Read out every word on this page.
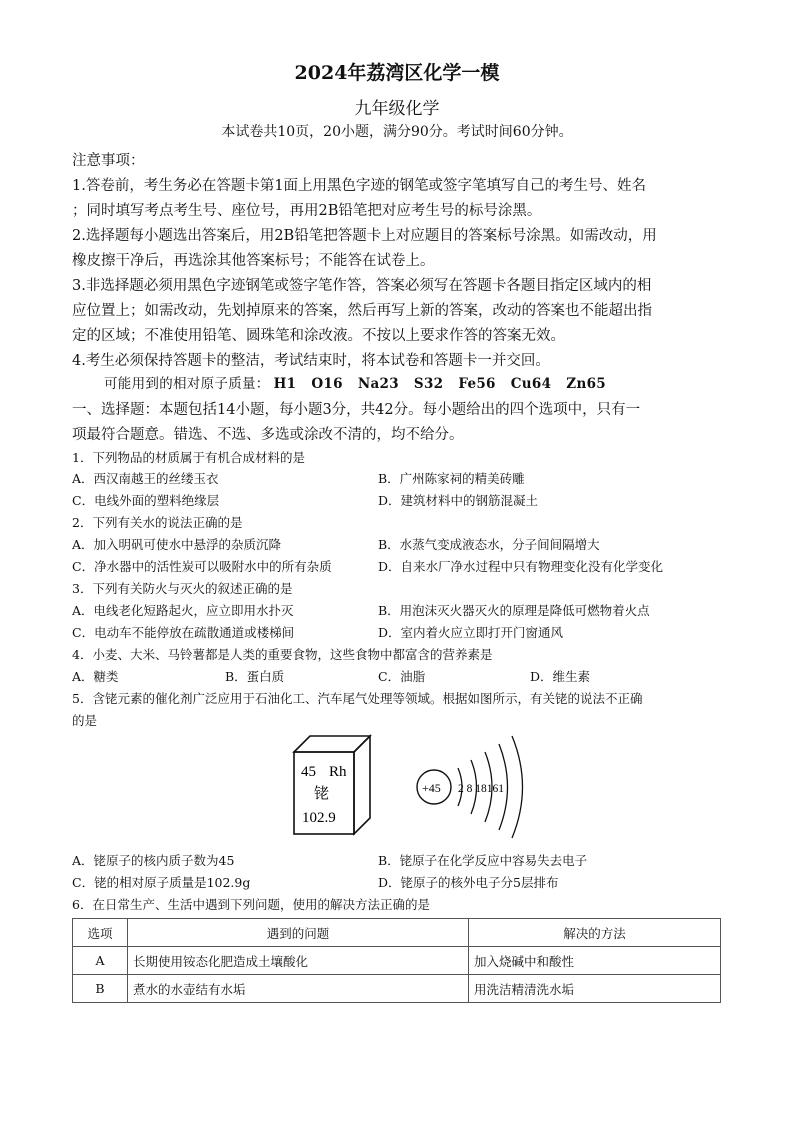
2024年荔湾区化学一模
九年级化学
本试卷共10页，20小题，满分90分。考试时间60分钟。
注意事项：
1.答卷前，考生务必在答题卡第1面上用黑色字迹的钢笔或签字笔填写自己的考生号、姓名
；同时填写考点考生号、座位号，再用2B铅笔把对应考生号的标号涂黑。
2.选择题每小题选出答案后，用2B铅笔把答题卡上对应题目的答案标号涂黑。如需改动，用
橡皮擦干净后，再选涂其他答案标号；不能答在试卷上。
3.非选择题必须用黑色字迹钢笔或签字笔作答，答案必须写在答题卡各题目指定区域内的相
应位置上；如需改动，先划掉原来的答案，然后再写上新的答案，改动的答案也不能超出指
定的区域；不准使用铅笔、圆珠笔和涂改液。不按以上要求作答的答案无效。
4.考生必须保持答题卡的整洁，考试结束时，将本试卷和答题卡一并交回。
可能用到的相对原子质量： H1 O16 Na23 S32 Fe56 Cu64 Zn65
一、选择题：本题包括14小题，每小题3分，共42分。每小题给出的四个选项中，只有一
项最符合题意。错选、不选、多选或涂改不清的，均不给分。
1．下列物品的材质属于有机合成材料的是
A．西汉南越王的丝缕玉衣	B．广州陈家祠的精美砖雕
C．电线外面的塑料绝缘层	D．建筑材料中的钢筋混凝土
2．下列有关水的说法正确的是
A．加入明矾可使水中悬浮的杂质沉降	B．水蒸气变成液态水，分子间间隔增大
C．净水器中的活性炭可以吸附水中的所有杂质	D．自来水厂净水过程中只有物理变化没有化学变化
3．下列有关防火与灭火的叙述正确的是
A．电线老化短路起火，应立即用水扑灭	B．用泡沫灭火器灭火的原理是降低可燃物着火点
C．电动车不能停放在疏散通道或楼梯间	D．室内着火应立即打开门窗通风
4．小麦、大米、马铃薯都是人类的重要食物，这些食物中都富含的营养素是
A．糖类	B．蛋白质	C．油脂	D．维生素
5．含铑元素的催化剂广泛应用于石油化工、汽车尾气处理等领域。根据如图所示，有关铑的说法不正确
的是
45 Rh
铑
102.9
+45 2 8 18161
A．铑原子的核内质子数为45	B．铑原子在化学反应中容易失去电子
C．铑的相对原子质量是102.9g	D．铑原子的核外电子分5层排布
6．在日常生产、生活中遇到下列问题，使用的解决方法正确的是
选项	遇到的问题	解决的方法
A	长期使用铵态化肥造成土壤酸化	加入烧碱中和酸性
B	煮水的水壶结有水垢	用洗洁精清洗水垢
